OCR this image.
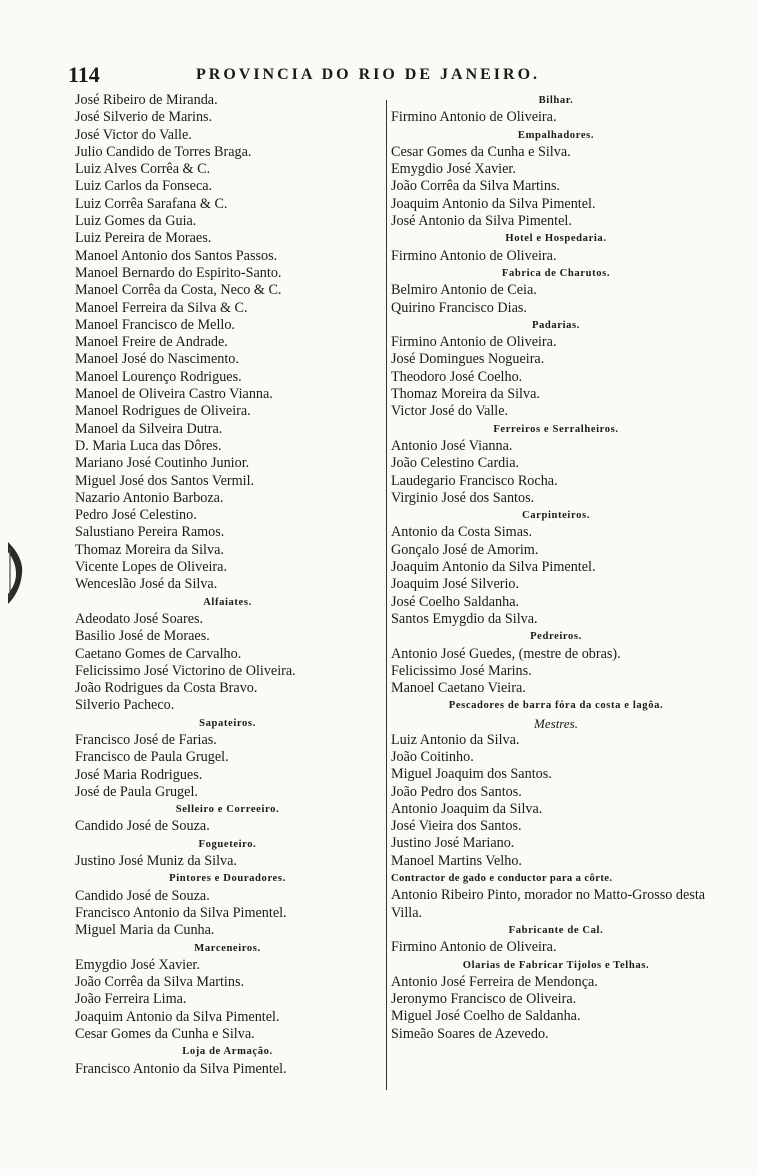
114	PROVINCIA DO RIO DE JANEIRO.
José Ribeiro de Miranda.
José Silverio de Marins.
José Victor do Valle.
Julio Candido de Torres Braga.
Luiz Alves Corrêa & C.
Luiz Carlos da Fonseca.
Luiz Corrêa Sarafana & C.
Luiz Gomes da Guia.
Luiz Pereira de Moraes.
Manoel Antonio dos Santos Passos.
Manoel Bernardo do Espirito-Santo.
Manoel Corrêa da Costa, Neco & C.
Manoel Ferreira da Silva & C.
Manoel Francisco de Mello.
Manoel Freire de Andrade.
Manoel José do Nascimento.
Manoel Lourenço Rodrigues.
Manoel de Oliveira Castro Vianna.
Manoel Rodrigues de Oliveira.
Manoel da Silveira Dutra.
D. Maria Luca das Dôres.
Mariano José Coutinho Junior.
Miguel José dos Santos Vermil.
Nazario Antonio Barboza.
Pedro José Celestino.
Salustiano Pereira Ramos.
Thomaz Moreira da Silva.
Vicente Lopes de Oliveira.
Wenceslão José da Silva.
Alfaiates.
Adeodato José Soares.
Basilio José de Moraes.
Caetano Gomes de Carvalho.
Felicissimo José Victorino de Oliveira.
João Rodrigues da Costa Bravo.
Silverio Pacheco.
Sapateiros.
Francisco José de Farias.
Francisco de Paula Grugel.
José Maria Rodrigues.
José de Paula Grugel.
Selleiro e Correeiro.
Candido José de Souza.
Fogueteiro.
Justino José Muniz da Silva.
Pintores e Douradores.
Candido José de Souza.
Francisco Antonio da Silva Pimentel.
Miguel Maria da Cunha.
Marceneiros.
Emygdio José Xavier.
João Corrêa da Silva Martins.
João Ferreira Lima.
Joaquim Antonio da Silva Pimentel.
Cesar Gomes da Cunha e Silva.
Loja de Armação.
Francisco Antonio da Silva Pimentel.
Bilhar.
Firmino Antonio de Oliveira.
Empalhadores.
Cesar Gomes da Cunha e Silva.
Emygdio José Xavier.
João Corrêa da Silva Martins.
Joaquim Antonio da Silva Pimentel.
José Antonio da Silva Pimentel.
Hotel e Hospedaria.
Firmino Antonio de Oliveira.
Fabrica de Charutos.
Belmiro Antonio de Ceia.
Quirino Francisco Dias.
Padarias.
Firmino Antonio de Oliveira.
José Domingues Nogueira.
Theodoro José Coelho.
Thomaz Moreira da Silva.
Victor José do Valle.
Ferreiros e Serralheiros.
Antonio José Vianna.
João Celestino Cardia.
Laudegario Francisco Rocha.
Virginio José dos Santos.
Carpinteiros.
Antonio da Costa Simas.
Gonçalo José de Amorim.
Joaquim Antonio da Silva Pimentel.
Joaquim José Silverio.
José Coelho Saldanha.
Santos Emygdio da Silva.
Pedreiros.
Antonio José Guedes, (mestre de obras).
Felicissimo José Marins.
Manoel Caetano Vieira.
Pescadores de barra fóra da costa e lagôa.
Mestres.
Luiz Antonio da Silva.
João Coitinho.
Miguel Joaquim dos Santos.
João Pedro dos Santos.
Antonio Joaquim da Silva.
José Vieira dos Santos.
Justino José Mariano.
Manoel Martins Velho.
Contractor de gado e conductor para a côrte.
Antonio Ribeiro Pinto, morador no Matto-Grosso desta Villa.
Fabricante de Cal.
Firmino Antonio de Oliveira.
Olarias de Fabricar Tijolos e Telhas.
Antonio José Ferreira de Mendonça.
Jeronymo Francisco de Oliveira.
Miguel José Coelho de Saldanha.
Simeão Soares de Azevedo.
